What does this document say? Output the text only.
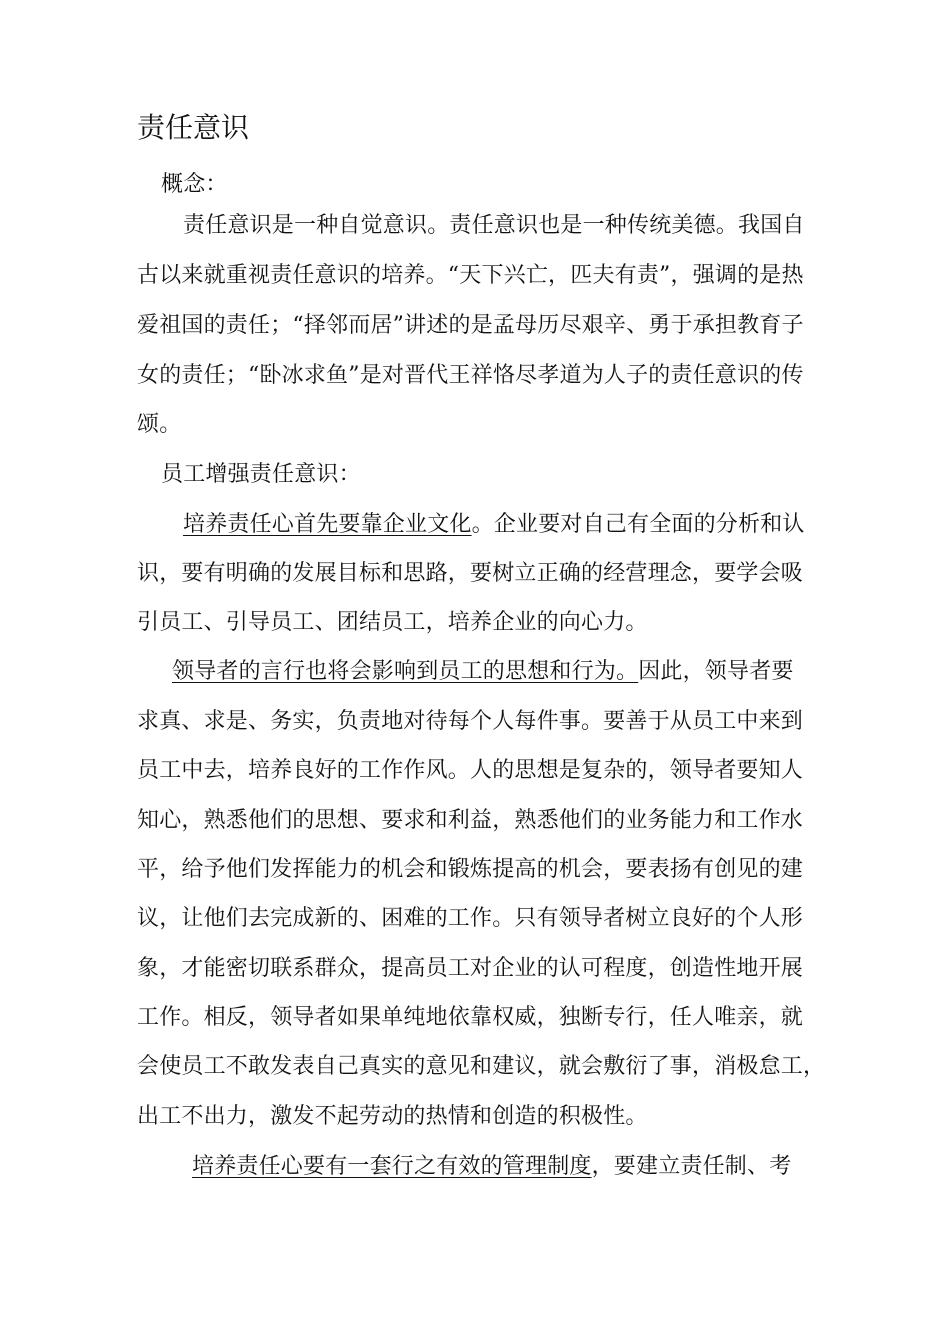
责任意识
概念：
责任意识是一种自觉意识。责任意识也是一种传统美德。我国自
古以来就重视责任意识的培养。“天下兴亡，匹夫有责”，强调的是热
爱祖国的责任；“择邻而居”讲述的是孟母历尽艰辛、勇于承担教育子
女的责任；“卧冰求鱼”是对晋代王祥恪尽孝道为人子的责任意识的传
颂。
员工增强责任意识：
培养责任心首先要靠企业文化。企业要对自己有全面的分析和认
识，要有明确的发展目标和思路，要树立正确的经营理念，要学会吸
引员工、引导员工、团结员工，培养企业的向心力。
领导者的言行也将会影响到员工的思想和行为。因此，领导者要
求真、求是、务实，负责地对待每个人每件事。要善于从员工中来到
员工中去，培养良好的工作作风。人的思想是复杂的，领导者要知人
知心，熟悉他们的思想、要求和利益，熟悉他们的业务能力和工作水
平，给予他们发挥能力的机会和锻炼提高的机会，要表扬有创见的建
议，让他们去完成新的、困难的工作。只有领导者树立良好的个人形
象，才能密切联系群众，提高员工对企业的认可程度，创造性地开展
工作。相反，领导者如果单纯地依靠权威，独断专行，任人唯亲，就
会使员工不敢发表自己真实的意见和建议，就会敷衍了事，消极怠工，
出工不出力，激发不起劳动的热情和创造的积极性。
培养责任心要有一套行之有效的管理制度，要建立责任制、考
